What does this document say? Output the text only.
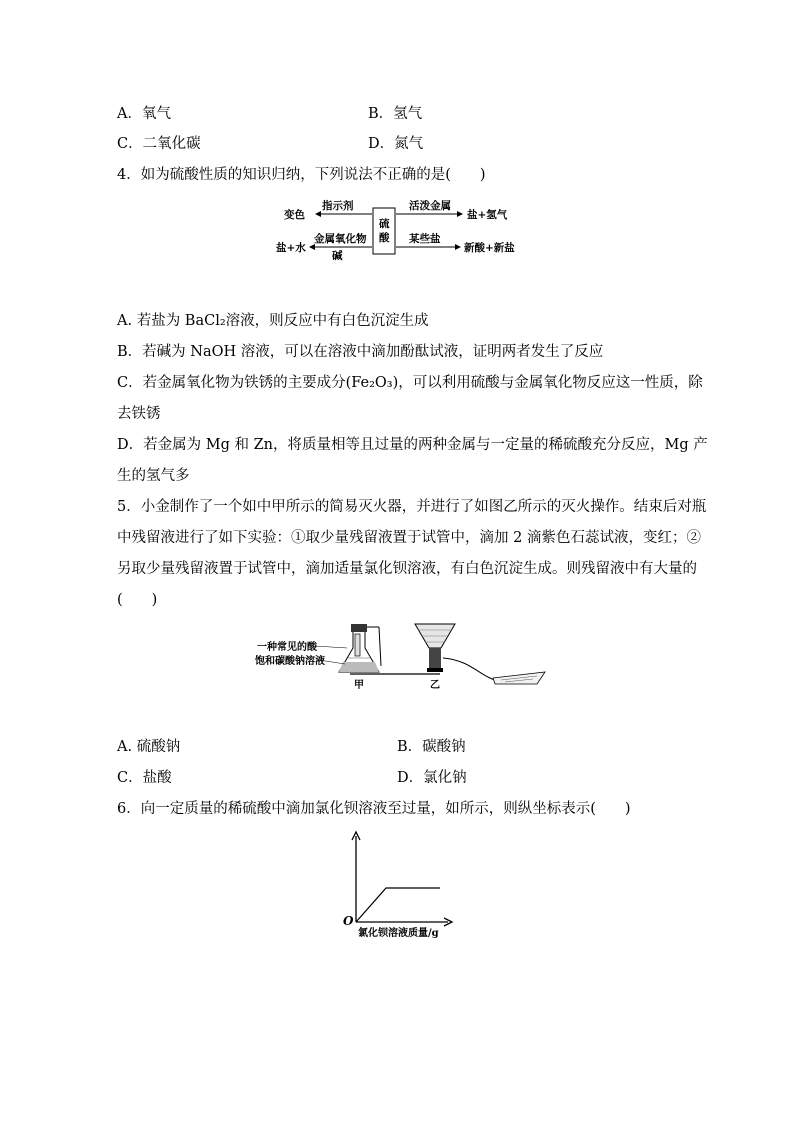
A．氧气	B．氢气
C．二氧化碳	D．氮气
4．如为硫酸性质的知识归纳，下列说法不正确的是(　　)
硫
酸
指示剂
变色
金属氧化物
碱
盐+水
活泼金属
盐+氢气
某些盐
新酸+新盐
A. 若盐为 BaCl₂溶液，则反应中有白色沉淀生成
B．若碱为 NaOH 溶液，可以在溶液中滴加酚酞试液，证明两者发生了反应
C．若金属氧化物为铁锈的主要成分(Fe₂O₃)，可以利用硫酸与金属氧化物反应这一性质，除
去铁锈
D．若金属为 Mg 和 Zn，将质量相等且过量的两种金属与一定量的稀硫酸充分反应，Mg 产
生的氢气多
5．小金制作了一个如中甲所示的简易灭火器，并进行了如图乙所示的灭火操作。结束后对瓶
中残留液进行了如下实验：①取少量残留液置于试管中，滴加 2 滴紫色石蕊试液，变红；②
另取少量残留液置于试管中，滴加适量氯化钡溶液，有白色沉淀生成。则残留液中有大量的
(　　)
一种常见的酸
饱和碳酸钠溶液
甲	乙
A. 硫酸钠	B．碳酸钠
C．盐酸	D．氯化钠
6．向一定质量的稀硫酸中滴加氯化钡溶液至过量，如所示，则纵坐标表示(　　)
O
氯化钡溶液质量/g
